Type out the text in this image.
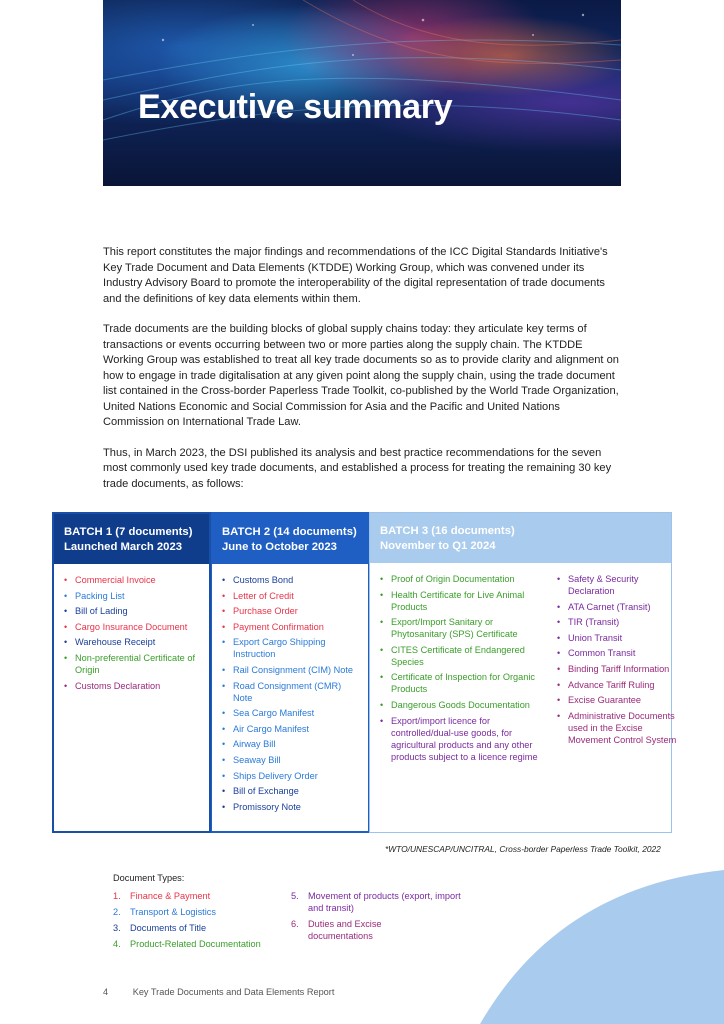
Executive summary

This report constitutes the major findings and recommendations of the ICC Digital Standards Initiative's Key Trade Document and Data Elements (KTDDE) Working Group, which was convened under its Industry Advisory Board to promote the interoperability of the digital representation of trade documents and the definitions of key data elements within them.

Trade documents are the building blocks of global supply chains today: they articulate key terms of transactions or events occurring between two or more parties along the supply chain. The KTDDE Working Group was established to treat all key trade documents so as to provide clarity and alignment on how to engage in trade digitalisation at any given point along the supply chain, using the trade document list contained in the Cross-border Paperless Trade Toolkit, co-published by the World Trade Organization, United Nations Economic and Social Commission for Asia and the Pacific and United Nations Commission on International Trade Law.

Thus, in March 2023, the DSI published its analysis and best practice recommendations for the seven most commonly used key trade documents, and established a process for treating the remaining 30 key trade documents, as follows:

BATCH 1 (7 documents)
Launched March 2023
• Commercial Invoice
• Packing List
• Bill of Lading
• Cargo Insurance Document
• Warehouse Receipt
• Non-preferential Certificate of Origin
• Customs Declaration
BATCH 2 (14 documents)
June to October 2023
• Customs Bond
• Letter of Credit
• Purchase Order
• Payment Confirmation
• Export Cargo Shipping Instruction
• Rail Consignment (CIM) Note
• Road Consignment (CMR) Note
• Sea Cargo Manifest
• Air Cargo Manifest
• Airway Bill
• Seaway Bill
• Ships Delivery Order
• Bill of Exchange
• Promissory Note
BATCH 3 (16 documents)
November to Q1 2024
• Proof of Origin Documentation
• Health Certificate for Live Animal Products
• Export/Import Sanitary or Phytosanitary (SPS) Certificate
• CITES Certificate of Endangered Species
• Certificate of Inspection for Organic Products
• Dangerous Goods Documentation
• Export/import licence for controlled/dual-use goods, for agricultural products and any other products subject to a licence regime
• Safety & Security Declaration
• ATA Carnet (Transit)
• TIR (Transit)
• Union Transit
• Common Transit
• Binding Tariff Information
• Advance Tariff Ruling
• Excise Guarantee
• Administrative Documents used in the Excise Movement Control System
*WTO/UNESCAP/UNCITRAL, Cross-border Paperless Trade Toolkit, 2022
Document Types:
1. Finance & Payment
2. Transport & Logistics
3. Documents of Title
4. Product-Related Documentation
5.	Movement of products (export, import and transit)
6.	Duties and Excise documentations
4	Key Trade Documents and Data Elements Report
